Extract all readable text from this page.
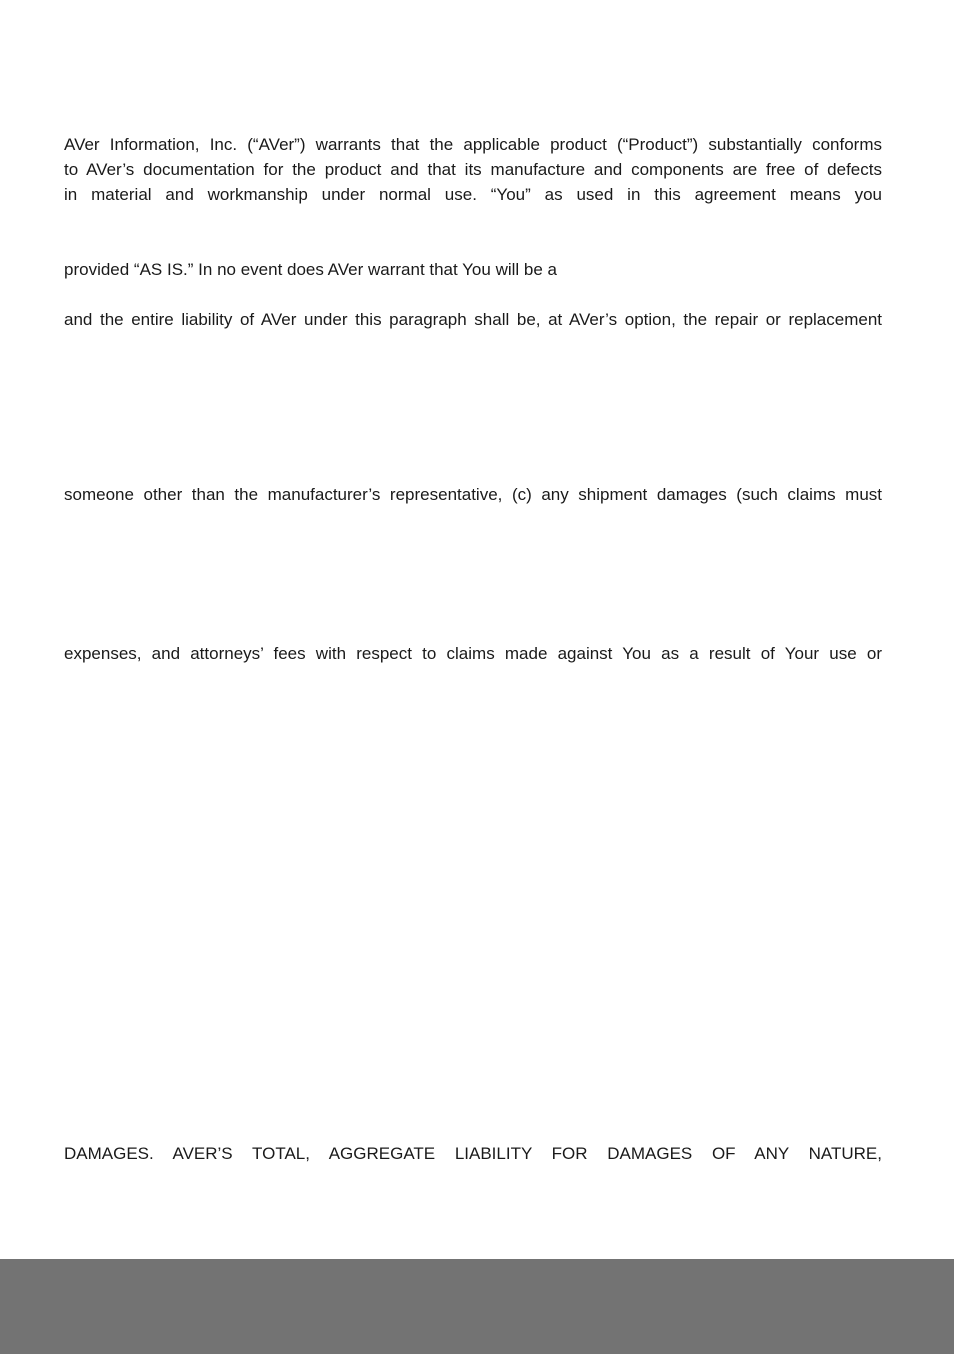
AVer Information, Inc. (“AVer”) warrants that the applicable product (“Product”) substantially conforms
to AVer’s documentation for the product and that its manufacture and components are free of defects
in material and workmanship under normal use. “You” as used in this agreement means you
provided “AS IS.” In no event does AVer warrant that You will be a
and the entire liability of AVer under this paragraph shall be, at AVer’s option, the repair or replacement
someone other than the manufacturer’s representative, (c) any shipment damages (such claims must
expenses, and attorneys’ fees with respect to claims made against You as a result of Your use or
DAMAGES. AVER’S TOTAL, AGGREGATE LIABILITY FOR DAMAGES OF ANY NATURE,
